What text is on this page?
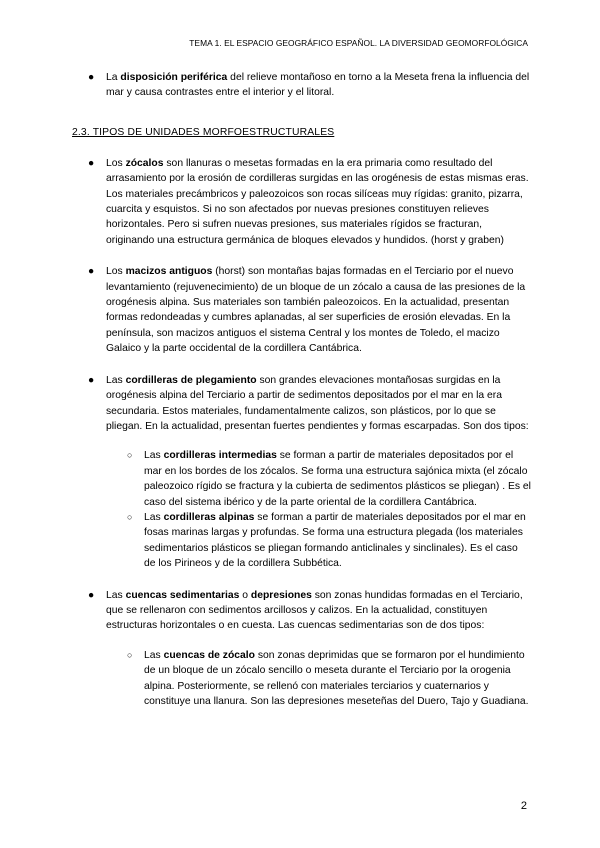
TEMA 1. EL ESPACIO GEOGRÁFICO ESPAÑOL. LA DIVERSIDAD GEOMORFOLÓGICA

● La disposición periférica del relieve montañoso en torno a la Meseta frena la influencia del mar y causa contrastes entre el interior y el litoral.

2.3. TIPOS DE UNIDADES MORFOESTRUCTURALES

● Los zócalos son llanuras o mesetas formadas en la era primaria como resultado del arrasamiento por la erosión de cordilleras surgidas en las orogénesis de estas mismas eras. Los materiales precámbricos y paleozoicos son rocas silíceas muy rígidas: granito, pizarra, cuarcita y esquistos. Si no son afectados por nuevas presiones constituyen relieves horizontales. Pero si sufren nuevas presiones, sus materiales rígidos se fracturan, originando una estructura germánica de bloques elevados y hundidos. (horst y graben)

● Los macizos antiguos (horst) son montañas bajas formadas en el Terciario por el nuevo levantamiento (rejuvenecimiento) de un bloque de un zócalo a causa de las presiones de la orogénesis alpina. Sus materiales son también paleozoicos. En la actualidad, presentan formas redondeadas y cumbres aplanadas, al ser superficies de erosión elevadas. En la península, son macizos antiguos el sistema Central y los montes de Toledo, el macizo Galaico y la parte occidental de la cordillera Cantábrica.

● Las cordilleras de plegamiento son grandes elevaciones montañosas surgidas en la orogénesis alpina del Terciario a partir de sedimentos depositados por el mar en la era secundaria. Estos materiales, fundamentalmente calizos, son plásticos, por lo que se pliegan. En la actualidad, presentan fuertes pendientes y formas escarpadas. Son dos tipos:

○ Las cordilleras intermedias se forman a partir de materiales depositados por el mar en los bordes de los zócalos. Se forma una estructura sajónica mixta (el zócalo paleozoico rígido se fractura y la cubierta de sedimentos plásticos se pliegan) . Es el caso del sistema ibérico y de la parte oriental de la cordillera Cantábrica.

○ Las cordilleras alpinas se forman a partir de materiales depositados por el mar en fosas marinas largas y profundas. Se forma una estructura plegada (los materiales sedimentarios plásticos se pliegan formando anticlinales y sinclinales). Es el caso de los Pirineos y de la cordillera Subbética.

● Las cuencas sedimentarias o depresiones son zonas hundidas formadas en el Terciario, que se rellenaron con sedimentos arcillosos y calizos. En la actualidad, constituyen estructuras horizontales o en cuesta. Las cuencas sedimentarias son de dos tipos:

○ Las cuencas de zócalo son zonas deprimidas que se formaron por el hundimiento de un bloque de un zócalo sencillo o meseta durante el Terciario por la orogenia alpina. Posteriormente, se rellenó con materiales terciarios y cuaternarios y constituye una llanura. Son las depresiones meseteñas del Duero, Tajo y Guadiana.

2
